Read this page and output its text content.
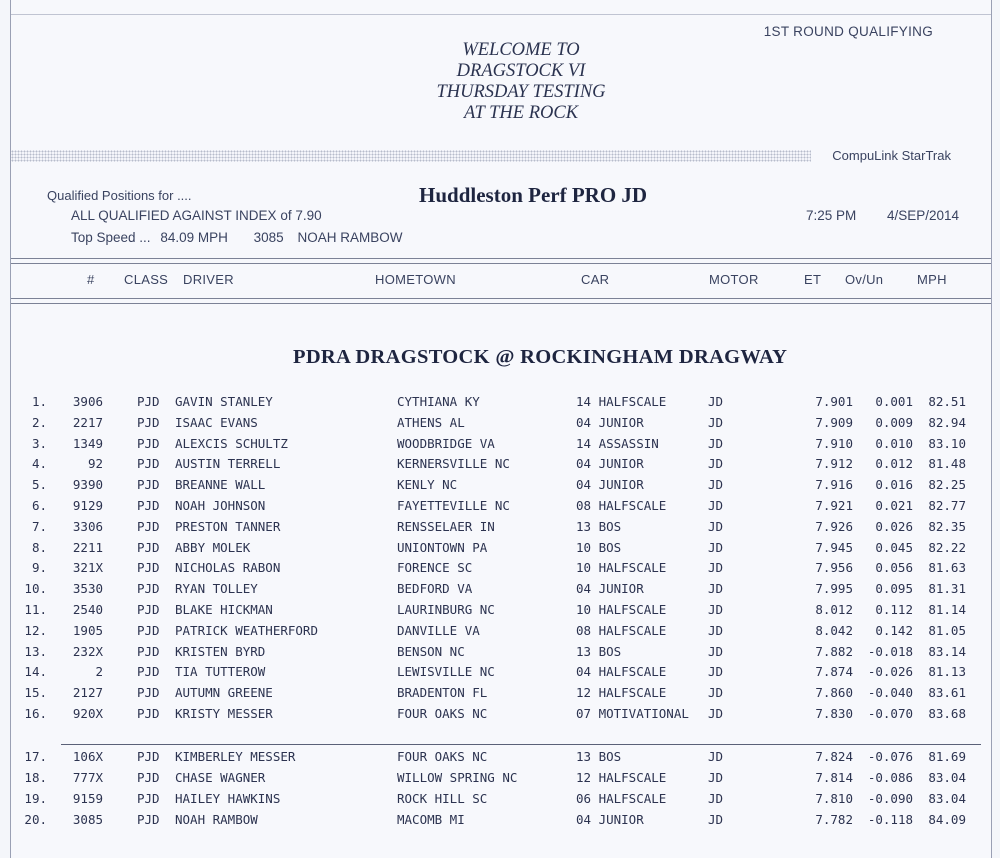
WELCOME TO
DRAGSTOCK VI
THURSDAY TESTING
AT THE ROCK
1ST ROUND QUALIFYING
CompuLink StarTrak
Qualified Positions for ....	Huddleston Perf PRO JD
ALL QUALIFIED AGAINST INDEX of 7.90	7:25 PM 4/SEP/2014
Top Speed ... 84.09 MPH 3085 NOAH RAMBOW
# CLASS DRIVER	HOMETOWN	CAR	MOTOR	ET Ov/Un	MPH
PDRA DRAGSTOCK @ ROCKINGHAM DRAGWAY
1.	3906	PJD GAVIN STANLEY	CYTHIANA KY	14 HALFSCALE	JD	7.901	0.001	82.51
2.	2217	PJD ISAAC EVANS	ATHENS AL	04 JUNIOR	JD	7.909	0.009	82.94
3.	1349	PJD ALEXCIS SCHULTZ	WOODBRIDGE VA	14 ASSASSIN	JD	7.910	0.010	83.10
4.	92	PJD AUSTIN TERRELL	KERNERSVILLE NC	04 JUNIOR	JD	7.912	0.012	81.48
5.	9390	PJD BREANNE WALL	KENLY NC	04 JUNIOR	JD	7.916	0.016	82.25
6.	9129	PJD NOAH JOHNSON	FAYETTEVILLE NC	08 HALFSCALE	JD	7.921	0.021	82.77
7.	3306	PJD PRESTON TANNER	RENSSELAER IN	13 BOS	JD	7.926	0.026	82.35
8.	2211	PJD ABBY MOLEK	UNIONTOWN PA	10 BOS	JD	7.945	0.045	82.22
9.	321X	PJD NICHOLAS RABON	FORENCE SC	10 HALFSCALE	JD	7.956	0.056	81.63
10.	3530	PJD RYAN TOLLEY	BEDFORD VA	04 JUNIOR	JD	7.995	0.095	81.31
11.	2540	PJD BLAKE HICKMAN	LAURINBURG NC	10 HALFSCALE	JD	8.012	0.112	81.14
12.	1905	PJD PATRICK WEATHERFORD	DANVILLE VA	08 HALFSCALE	JD	8.042	0.142	81.05
13.	232X	PJD KRISTEN BYRD	BENSON NC	13 BOS	JD	7.882	-0.018	83.14
14.	2	PJD TIA TUTTEROW	LEWISVILLE NC	04 HALFSCALE	JD	7.874	-0.026	81.13
15.	2127	PJD AUTUMN GREENE	BRADENTON FL	12 HALFSCALE	JD	7.860	-0.040	83.61
16.	920X	PJD KRISTY MESSER	FOUR OAKS NC	07 MOTIVATIONAL JD	7.830	-0.070	83.68
17.	106X	PJD KIMBERLEY MESSER	FOUR OAKS NC	13 BOS	JD	7.824	-0.076	81.69
18.	777X	PJD CHASE WAGNER	WILLOW SPRING NC	12 HALFSCALE	JD	7.814	-0.086	83.04
19.	9159	PJD HAILEY HAWKINS	ROCK HILL SC	06 HALFSCALE	JD	7.810	-0.090	83.04
20.	3085	PJD NOAH RAMBOW	MACOMB MI	04 JUNIOR	JD	7.782	-0.118	84.09
